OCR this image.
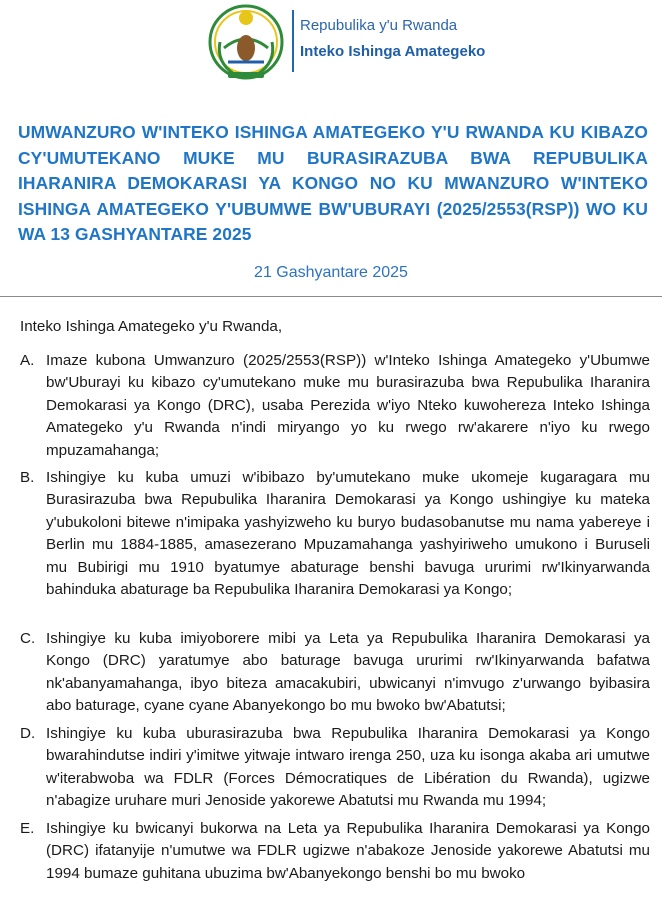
Repubulika y'u Rwanda
Inteko Ishinga Amategeko
UMWANZURO W'INTEKO ISHINGA AMATEGEKO Y'U RWANDA KU KIBAZO CY'UMUTEKANO MUKE MU BURASIRAZUBA BWA REPUBULIKA IHARANIRA DEMOKARASI YA KONGO NO KU MWANZURO W'INTEKO ISHINGA AMATEGEKO Y'UBUMWE BW'UBURAYI (2025/2553(RSP)) WO KU WA 13 GASHYANTARE 2025
21 Gashyantare 2025
Inteko Ishinga Amategeko y'u Rwanda,
A. Imaze kubona Umwanzuro (2025/2553(RSP)) w'Inteko Ishinga Amategeko y'Ubumwe bw'Uburayi ku kibazo cy'umutekano muke mu burasirazuba bwa Repubulika Iharanira Demokarasi ya Kongo (DRC), usaba Perezida w'iyo Nteko kuwohereza Inteko Ishinga Amategeko y'u Rwanda n'indi miryango yo ku rwego rw'akarere n'iyo ku rwego mpuzamahanga;
B. Ishingiye ku kuba umuzi w'ibibazo by'umutekano muke ukomeje kugaragara mu Burasirazuba bwa Repubulika Iharanira Demokarasi ya Kongo ushingiye ku mateka y'ubukoloni bitewe n'imipaka yashyizweho ku buryo budasobanutse mu nama yabereye i Berlin mu 1884-1885, amasezerano Mpuzamahanga yashyiriweho umukono i Buruseli mu Bubirigi mu 1910 byatumye abaturage benshi bavuga ururimi rw'Ikinyarwanda bahinduka abaturage ba Repubulika Iharanira Demokarasi ya Kongo;
C. Ishingiye ku kuba imiyoborere mibi ya Leta ya Repubulika Iharanira Demokarasi ya Kongo (DRC) yaratumye abo baturage bavuga ururimi rw'Ikinyarwanda bafatwa nk'abanyamahanga, ibyo biteza amacakubiri, ubwicanyi n'imvugo z'urwango byibasira abo baturage, cyane cyane Abanyekongo bo mu bwoko bw'Abatutsi;
D. Ishingiye ku kuba uburasirazuba bwa Repubulika Iharanira Demokarasi ya Kongo bwarahindutse indiri y'imitwe yitwaje intwaro irenga 250, uza ku isonga akaba ari umutwe w'iterabwoba wa FDLR (Forces Démocratiques de Libération du Rwanda), ugizwe n'abagize uruhare muri Jenoside yakorewe Abatutsi mu Rwanda mu 1994;
E. Ishingiye ku bwicanyi bukorwa na Leta ya Repubulika Iharanira Demokarasi ya Kongo (DRC) ifatanyije n'umutwe wa FDLR ugizwe n'abakoze Jenoside yakorewe Abatutsi mu 1994 bumaze guhitana ubuzima bw'Abanyekongo benshi bo mu bwoko
